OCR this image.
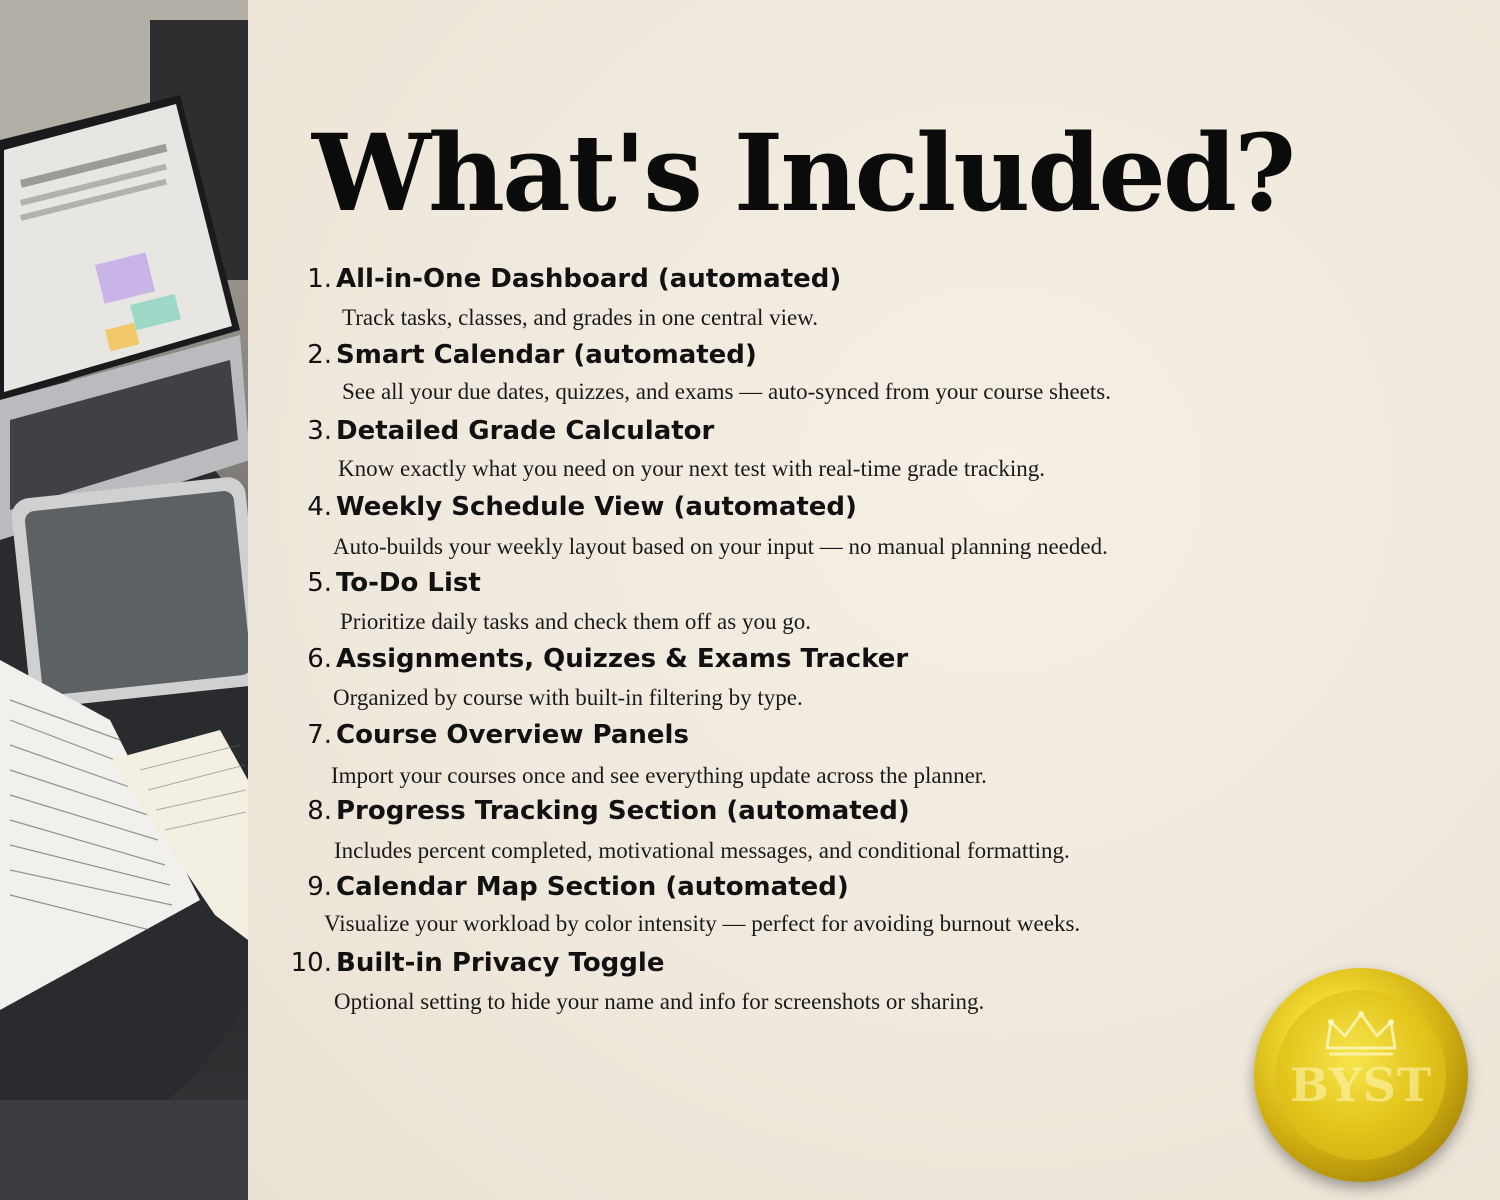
What's Included?
1. All-in-One Dashboard (automated)
Track tasks, classes, and grades in one central view.
2. Smart Calendar (automated)
See all your due dates, quizzes, and exams — auto-synced from your course sheets.
3. Detailed Grade Calculator
Know exactly what you need on your next test with real-time grade tracking.
4. Weekly Schedule View (automated)
Auto-builds your weekly layout based on your input — no manual planning needed.
5. To-Do List
Prioritize daily tasks and check them off as you go.
6. Assignments, Quizzes & Exams Tracker
Organized by course with built-in filtering by type.
7. Course Overview Panels
Import your courses once and see everything update across the planner.
8. Progress Tracking Section (automated)
Includes percent completed, motivational messages, and conditional formatting.
9. Calendar Map Section (automated)
Visualize your workload by color intensity — perfect for avoiding burnout weeks.
10. Built-in Privacy Toggle
Optional setting to hide your name and info for screenshots or sharing.
BYST
